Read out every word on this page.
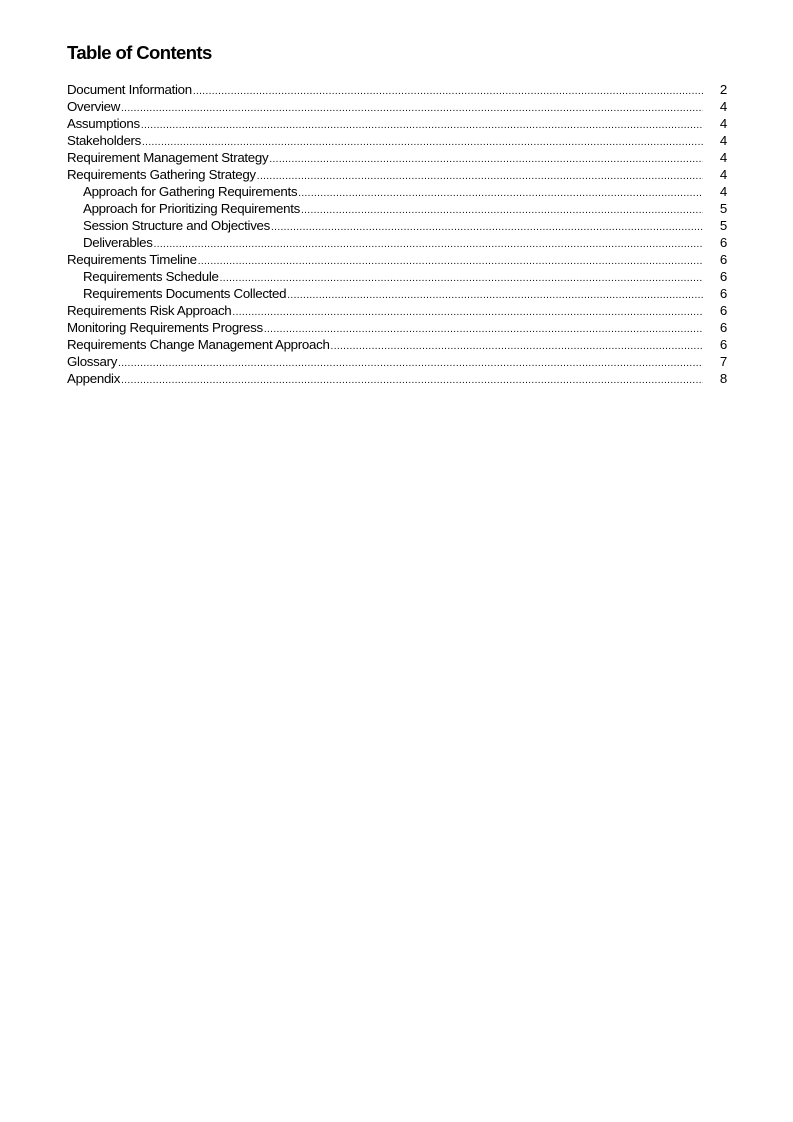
Table of Contents
Document Information . . .	2
Overview . . .	4
Assumptions . . .	4
Stakeholders . . .	4
Requirement Management Strategy . . .	4
Requirements Gathering Strategy . . .	4
Approach for Gathering Requirements . . .	4
Approach for Prioritizing Requirements . . .	5
Session Structure and Objectives . . .	5
Deliverables . . .	6
Requirements Timeline . . .	6
Requirements Schedule . . .	6
Requirements Documents Collected . . .	6
Requirements Risk Approach . . .	6
Monitoring Requirements Progress . . .	6
Requirements Change Management Approach . . .	6
Glossary . . .	7
Appendix . . .	8
